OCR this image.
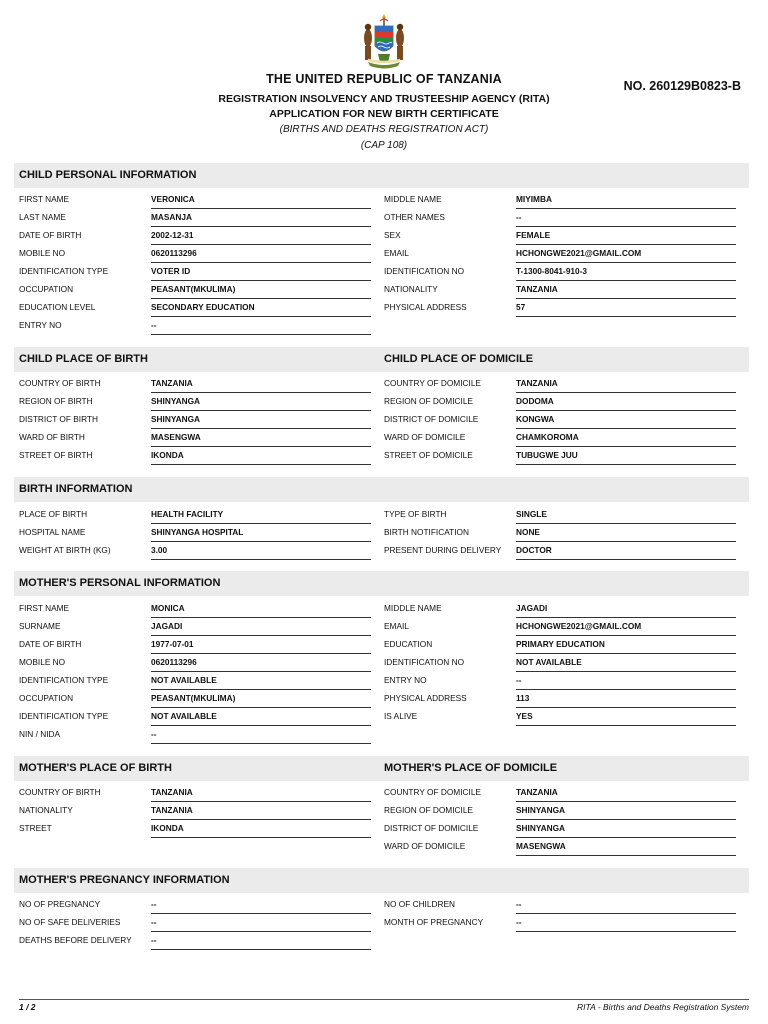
THE UNITED REPUBLIC OF TANZANIA
REGISTRATION INSOLVENCY AND TRUSTEESHIP AGENCY (RITA)
APPLICATION FOR NEW BIRTH CERTIFICATE
(BIRTHS AND DEATHS REGISTRATION ACT)
(CAP 108)
NO. 260129B0823-B
CHILD PERSONAL INFORMATION
CHILD PLACE OF BIRTH	CHILD PLACE OF DOMICILE
BIRTH INFORMATION
MOTHER'S PERSONAL INFORMATION
MOTHER'S PLACE OF BIRTH	MOTHER'S PLACE OF DOMICILE
MOTHER'S PREGNANCY INFORMATION
FIRST NAME	VERONICA
LAST NAME	MASANJA
DATE OF BIRTH	2002-12-31
MOBILE NO	0620113296
IDENTIFICATION TYPE	VOTER ID
OCCUPATION	PEASANT(MKULIMA)
EDUCATION LEVEL	SECONDARY EDUCATION
ENTRY NO	--
MIDDLE NAME	MIYIMBA
OTHER NAMES	--
SEX	FEMALE
EMAIL	HCHONGWE2021@GMAIL.COM
IDENTIFICATION NO	T-1300-8041-910-3
NATIONALITY	TANZANIA
PHYSICAL ADDRESS	57
COUNTRY OF BIRTH	TANZANIA
REGION OF BIRTH	SHINYANGA
DISTRICT OF BIRTH	SHINYANGA
WARD OF BIRTH	MASENGWA
STREET OF BIRTH	IKONDA
COUNTRY OF DOMICILE	TANZANIA
REGION OF DOMICILE	DODOMA
DISTRICT OF DOMICILE	KONGWA
WARD OF DOMICILE	CHAMKOROMA
STREET OF DOMICILE	TUBUGWE JUU
PLACE OF BIRTH	HEALTH FACILITY
HOSPITAL NAME	SHINYANGA HOSPITAL
WEIGHT AT BIRTH (KG)	3.00
TYPE OF BIRTH	SINGLE
BIRTH NOTIFICATION	NONE
PRESENT DURING DELIVERY DOCTOR
FIRST NAME	MONICA
SURNAME	JAGADI
DATE OF BIRTH	1977-07-01
MOBILE NO	0620113296
IDENTIFICATION TYPE	NOT AVAILABLE
OCCUPATION	PEASANT(MKULIMA)
IDENTIFICATION TYPE	NOT AVAILABLE
NIN / NIDA	--
MIDDLE NAME	JAGADI
EMAIL	HCHONGWE2021@GMAIL.COM
EDUCATION	PRIMARY EDUCATION
IDENTIFICATION NO	NOT AVAILABLE
ENTRY NO	--
PHYSICAL ADDRESS	113
IS ALIVE	YES
COUNTRY OF BIRTH	TANZANIA
NATIONALITY	TANZANIA
STREET	IKONDA
COUNTRY OF DOMICILE	TANZANIA
REGION OF DOMICILE	SHINYANGA
DISTRICT OF DOMICILE	SHINYANGA
WARD OF DOMICILE	MASENGWA
NO OF PREGNANCY	--
NO OF SAFE DELIVERIES	--
DEATHS BEFORE DELIVERY --
NO OF CHILDREN	--
MONTH OF PREGNANCY	--
1 / 2	RITA - Births and Deaths Registration System
